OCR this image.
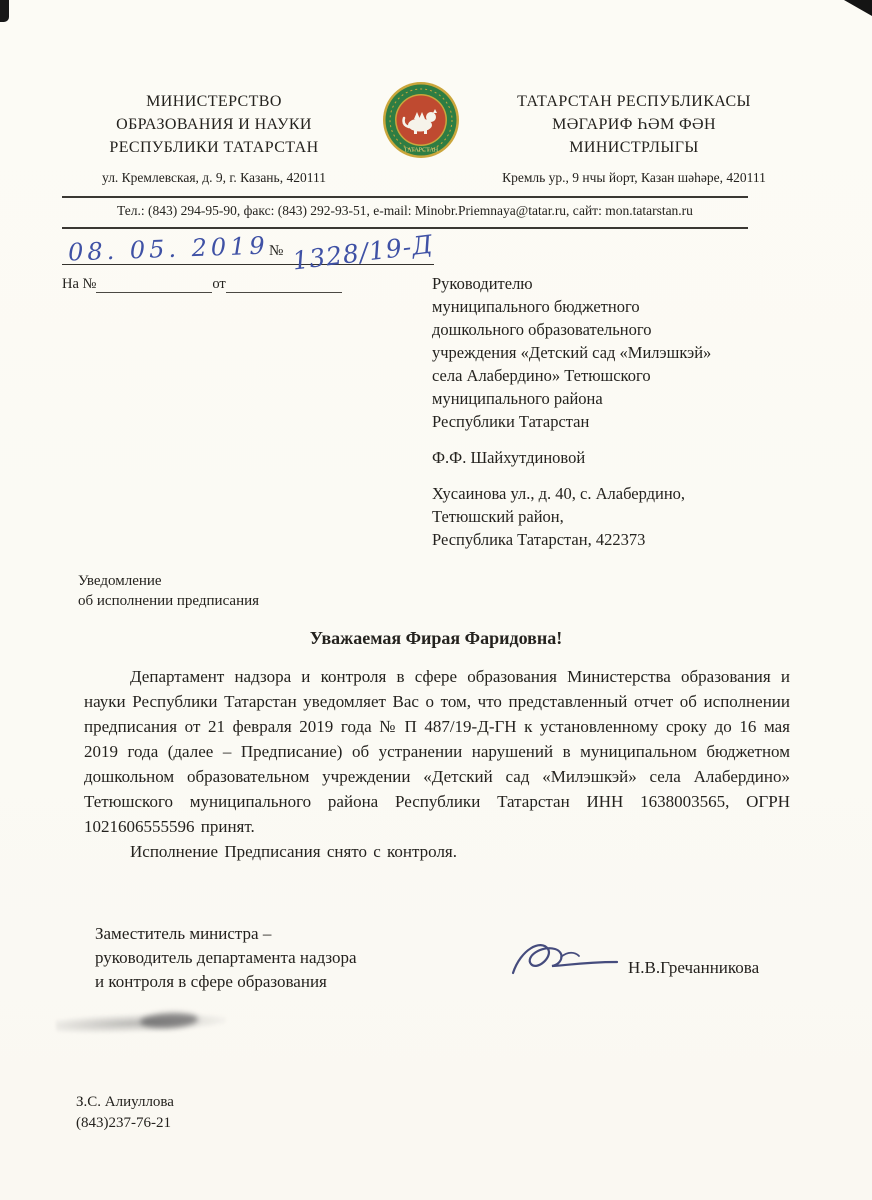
МИНИСТЕРСТВО
ОБРАЗОВАНИЯ И НАУКИ
РЕСПУБЛИКИ ТАТАРСТАН
ул. Кремлевская, д. 9, г. Казань, 420111
ТАТАРСТАН
ТАТАРСТАН РЕСПУБЛИКАСЫ
МӘГАРИФ ҺӘМ ФӘН
МИНИСТРЛЫГЫ
Кремль ур., 9 нчы йорт, Казан шәһәре, 420111
Тел.: (843) 294-95-90, факс: (843) 292-93-51, e-mail: Minobr.Priemnaya@tatar.ru, сайт: mon.tatarstan.ru
08. 05. 2019 № 1328/19-Д
На №	от	Руководителю
муниципального бюджетного
дошкольного образовательного
учреждения «Детский сад «Милэшкэй»
села Алабердино» Тетюшского
муниципального района
Республики Татарстан
Ф.Ф. Шайхутдиновой
Хусаинова ул., д. 40, с. Алабердино,
Тетюшский район,
Республика Татарстан, 422373
Уведомление
об исполнении предписания
Уважаемая Фирая Фаридовна!

Департамент надзора и контроля в сфере образования Министерства образования и науки Республики Татарстан уведомляет Вас о том, что представленный отчет об исполнении предписания от 21 февраля 2019 года № П 487/19-Д-ГН к установленному сроку до 16 мая 2019 года (далее – Предписание) об устранении нарушений в муниципальном бюджетном дошкольном образовательном учреждении «Детский сад «Милэшкэй» села Алабердино» Тетюшского муниципального района Республики Татарстан ИНН 1638003565, ОГРН 1021606555596 принят.

Исполнение Предписания снято с контроля.

Заместитель министра –
руководитель департамента надзора
и контроля в сфере образования
Н.В.Гречанникова
З.С. Алиуллова
(843)237-76-21
